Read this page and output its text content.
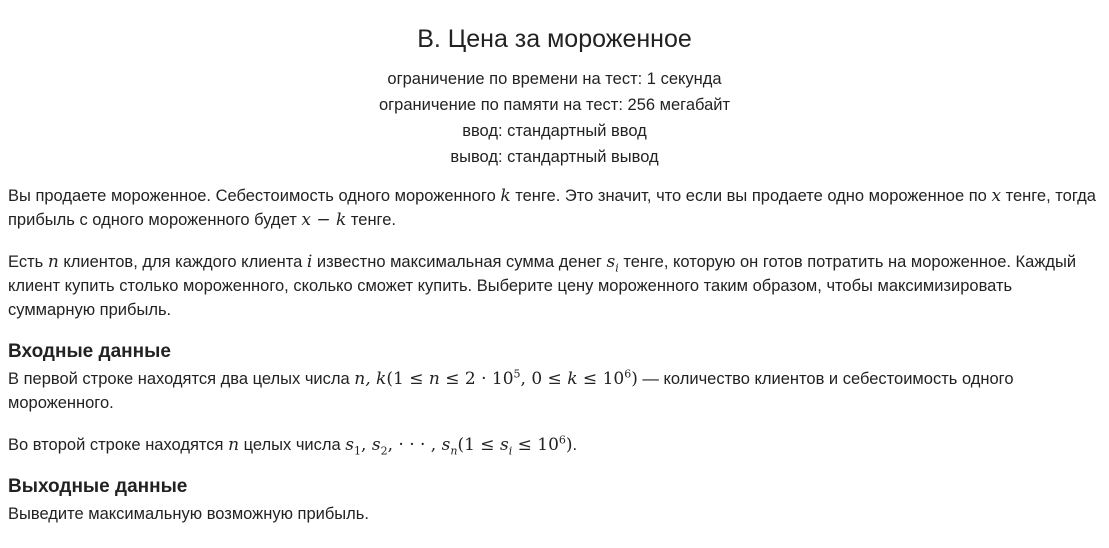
B. Цена за мороженное
ограничение по времени на тест: 1 секунда
ограничение по памяти на тест: 256 мегабайт
ввод: стандартный ввод
вывод: стандартный вывод

Вы продаете мороженное. Себестоимость одного мороженного k тенге. Это значит, что если вы продаете одно мороженное по x тенге, тогда прибыль с одного мороженного будет x − k тенге.

Есть n клиентов, для каждого клиента i известно максимальная сумма денег $s_i$ тенге, которую он готов потратить на мороженное. Каждый клиент купить столько мороженного, сколько сможет купить. Выберите цену мороженного таким образом, чтобы максимизировать суммарную прибыль.

Входные данные

В первой строке находятся два целых числа n, $k(1 \le n \le 2 \cdot 10^5$, $0 \le k \le 10^6$) — количество клиентов и себестоимость одного мороженного.

Во второй строке находятся n целых числа $s_1$, $s_2$, · · · , $s_n(1 \le s_i \le 10^6)$.

Выходные данные

Выведите максимальную возможную прибыль.
